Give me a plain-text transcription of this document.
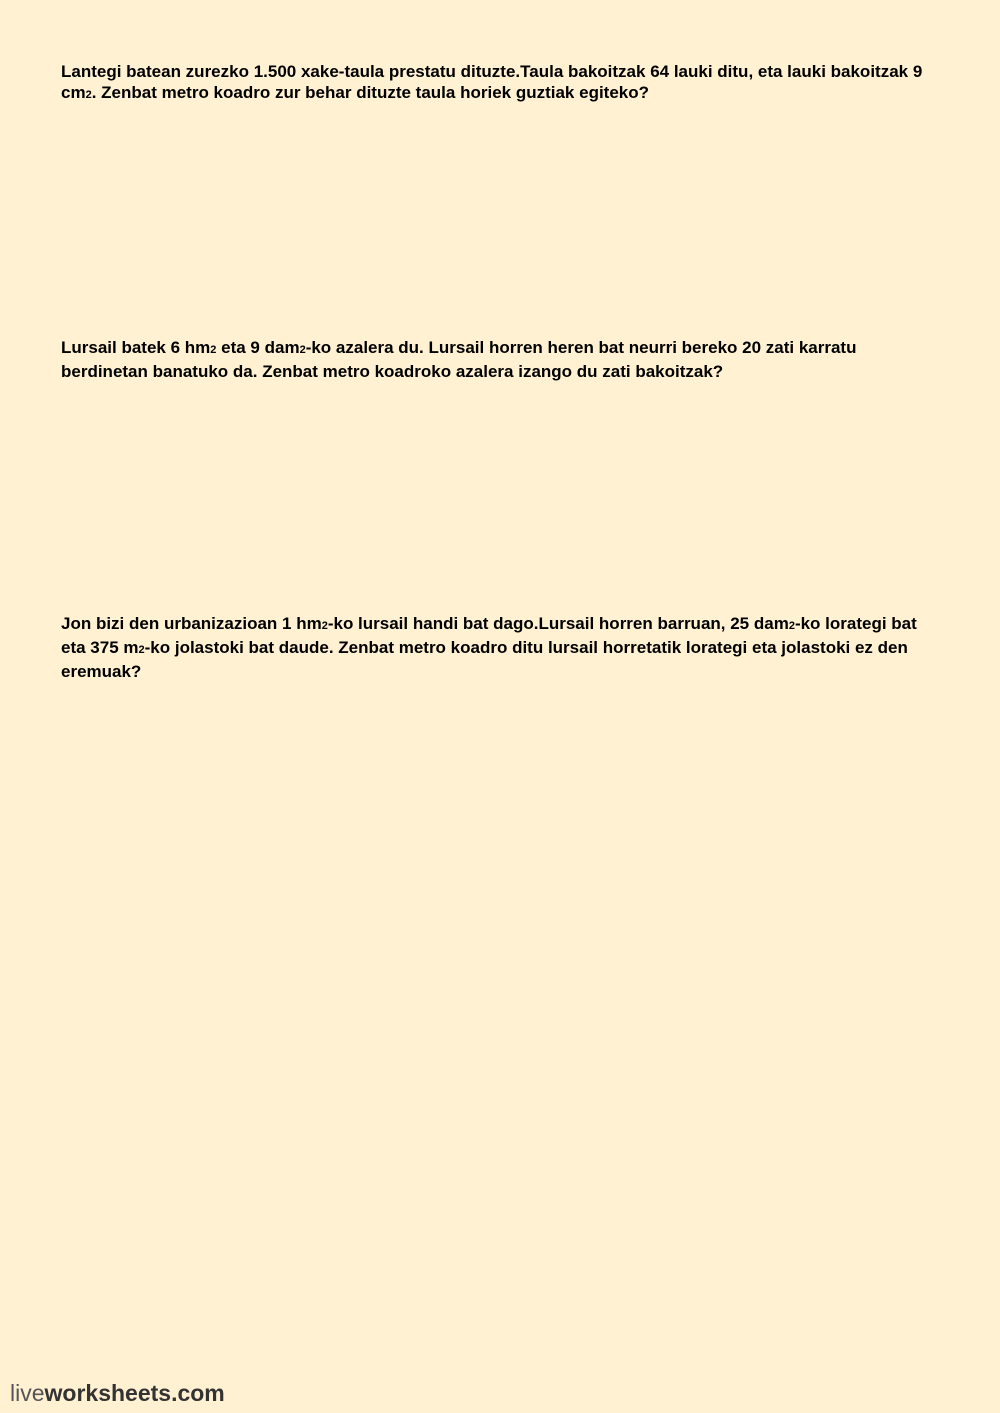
Lantegi batean zurezko 1.500 xake-taula prestatu dituzte.Taula bakoitzak 64 lauki ditu, eta lauki bakoitzak 9 cm2. Zenbat metro koadro zur behar dituzte taula horiek guztiak egiteko?
Lursail batek 6 hm2 eta 9 dam2-ko azalera du. Lursail horren heren bat neurri bereko 20 zati karratu berdinetan banatuko da. Zenbat metro koadroko azalera izango du zati bakoitzak?
Jon bizi den urbanizazioan 1 hm2-ko lursail handi bat dago.Lursail horren barruan, 25 dam2-ko lorategi bat eta 375 m2-ko jolastoki bat daude. Zenbat metro koadro ditu lursail horretatik lorategi eta jolastoki ez den eremuak?
liveworksheets.com
